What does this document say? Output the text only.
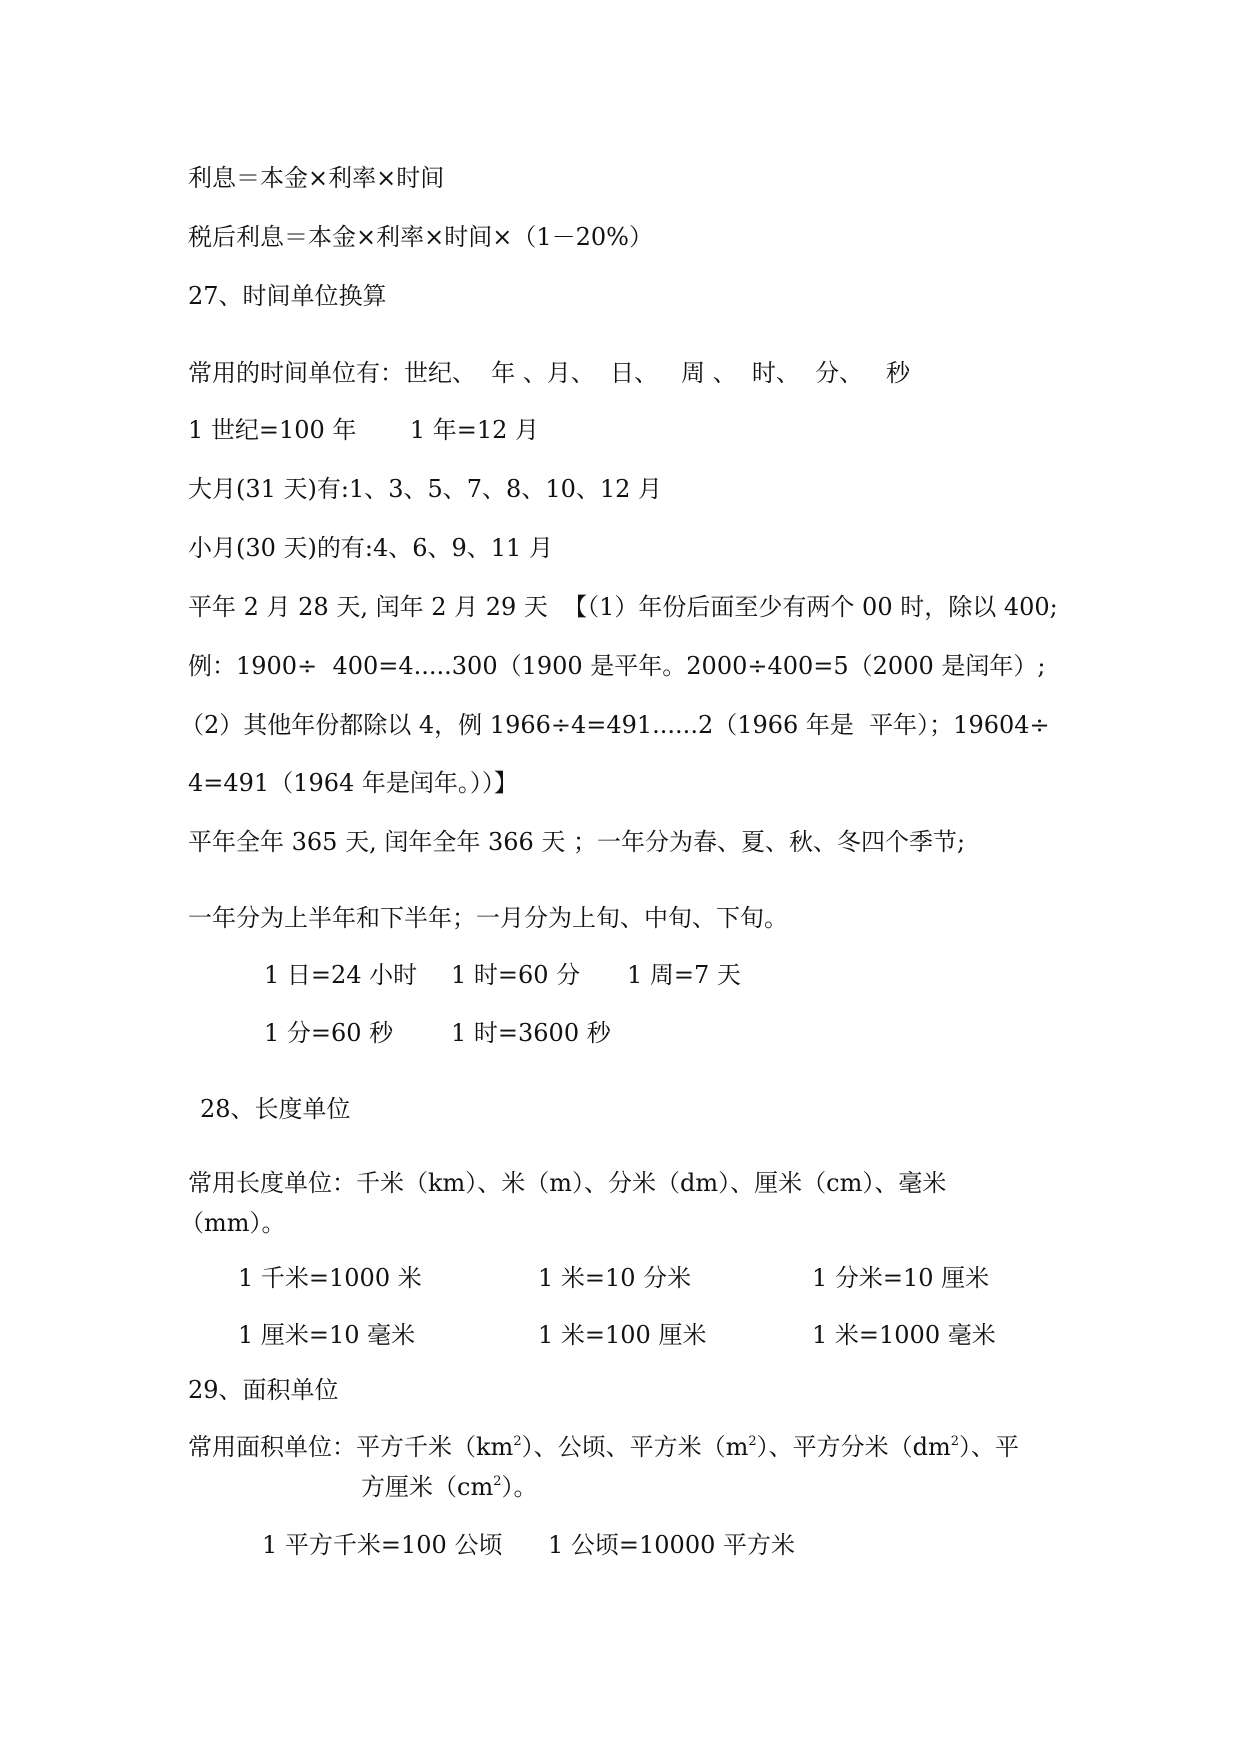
利息＝本金×利率×时间
税后利息＝本金×利率×时间×（1－20%）
27、时间单位换算
常用的时间单位有：世纪、  年 、月、  日、   周 、  时、  分、   秒
1 世纪=100 年       1 年=12 月
大月(31 天)有:1、3、5、7、8、10、12 月
小月(30 天)的有:4、6、9、11 月
平年 2 月 28 天, 闰年 2 月 29 天  【（1）年份后面至少有两个 00 时，除以 400;
例：1900÷  400=4.....300（1900 是平年。2000÷400=5（2000 是闰年）;
（2）其他年份都除以 4，例 1966÷4=491......2（1966 年是  平年）；19604÷
4=491（1964 年是闰年。））】
平年全年 365 天, 闰年全年 366 天 ；一年分为春、夏、秋、冬四个季节;
一年分为上半年和下半年；一月分为上旬、中旬、下旬。
1 日=24 小时 1 时=60 分 1 周=7 天
1 分=60 秒 1 时=3600 秒
28、长度单位
常用长度单位：千米（km）、米（m）、分米（dm）、厘米（cm）、毫米
（mm）。
1 千米=1000 米	1 米=10 分米	1 分米=10 厘米
1 厘米=10 毫米	1 米=100 厘米	1 米=1000 毫米
29、面积单位
常用面积单位：平方千米$(km^2)$、公顷、平方米$(m^2)$、平方分米$(dm^2)$、平
方厘米$(cm^2)$。
1 平方千米=100 公顷 1 公顷=10000 平方米
